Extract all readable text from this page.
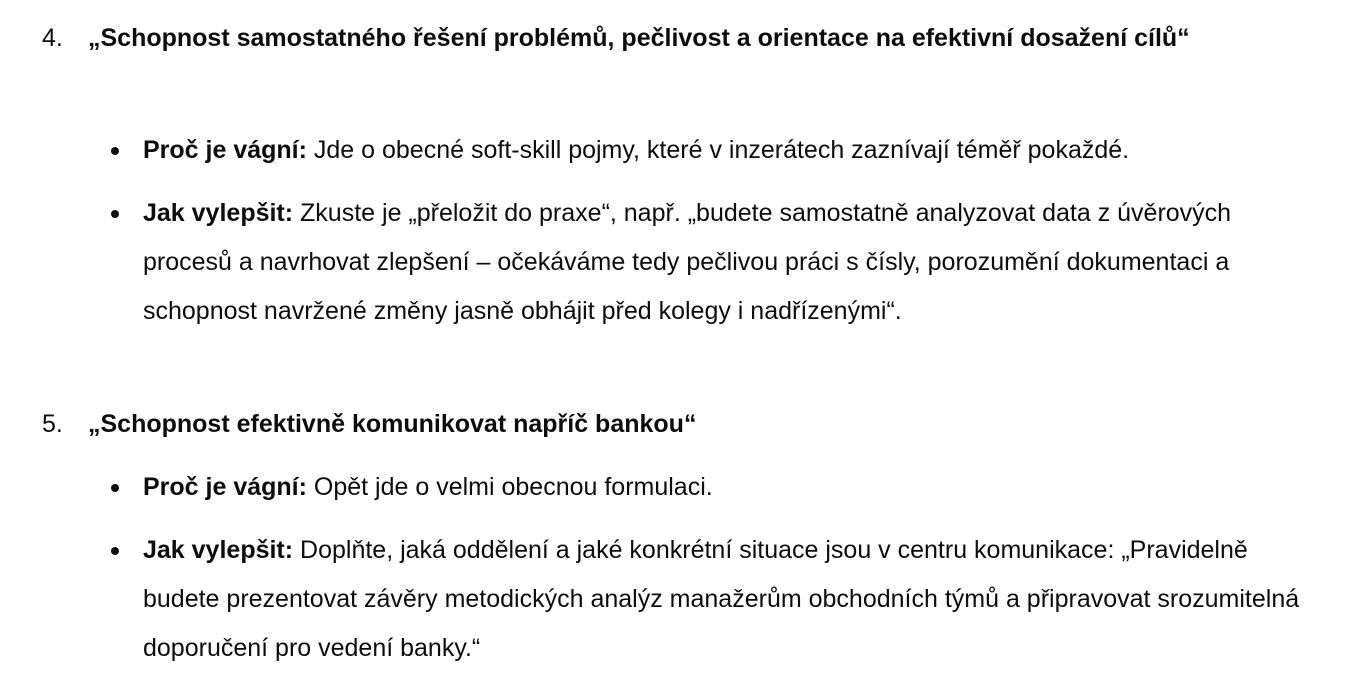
4.	„Schopnost samostatného řešení problémů, pečlivost a orientace na efektivní dosažení cílů“
Proč je vágní: Jde o obecné soft-skill pojmy, které v inzerátech zaznívají téměř pokaždé.
Jak vylepšit: Zkuste je „přeložit do praxe“, např. „budete samostatně analyzovat data z úvěrových procesů a navrhovat zlepšení – očekáváme tedy pečlivou práci s čísly, porozumění dokumentaci a schopnost navržené změny jasně obhájit před kolegy i nadřízenými“.
5.	„Schopnost efektivně komunikovat napříč bankou“
Proč je vágní: Opět jde o velmi obecnou formulaci.
Jak vylepšit: Doplňte, jaká oddělení a jaké konkrétní situace jsou v centru komunikace: „Pravidelně budete prezentovat závěry metodických analýz manažerům obchodních týmů a připravovat srozumitelná doporučení pro vedení banky.“
